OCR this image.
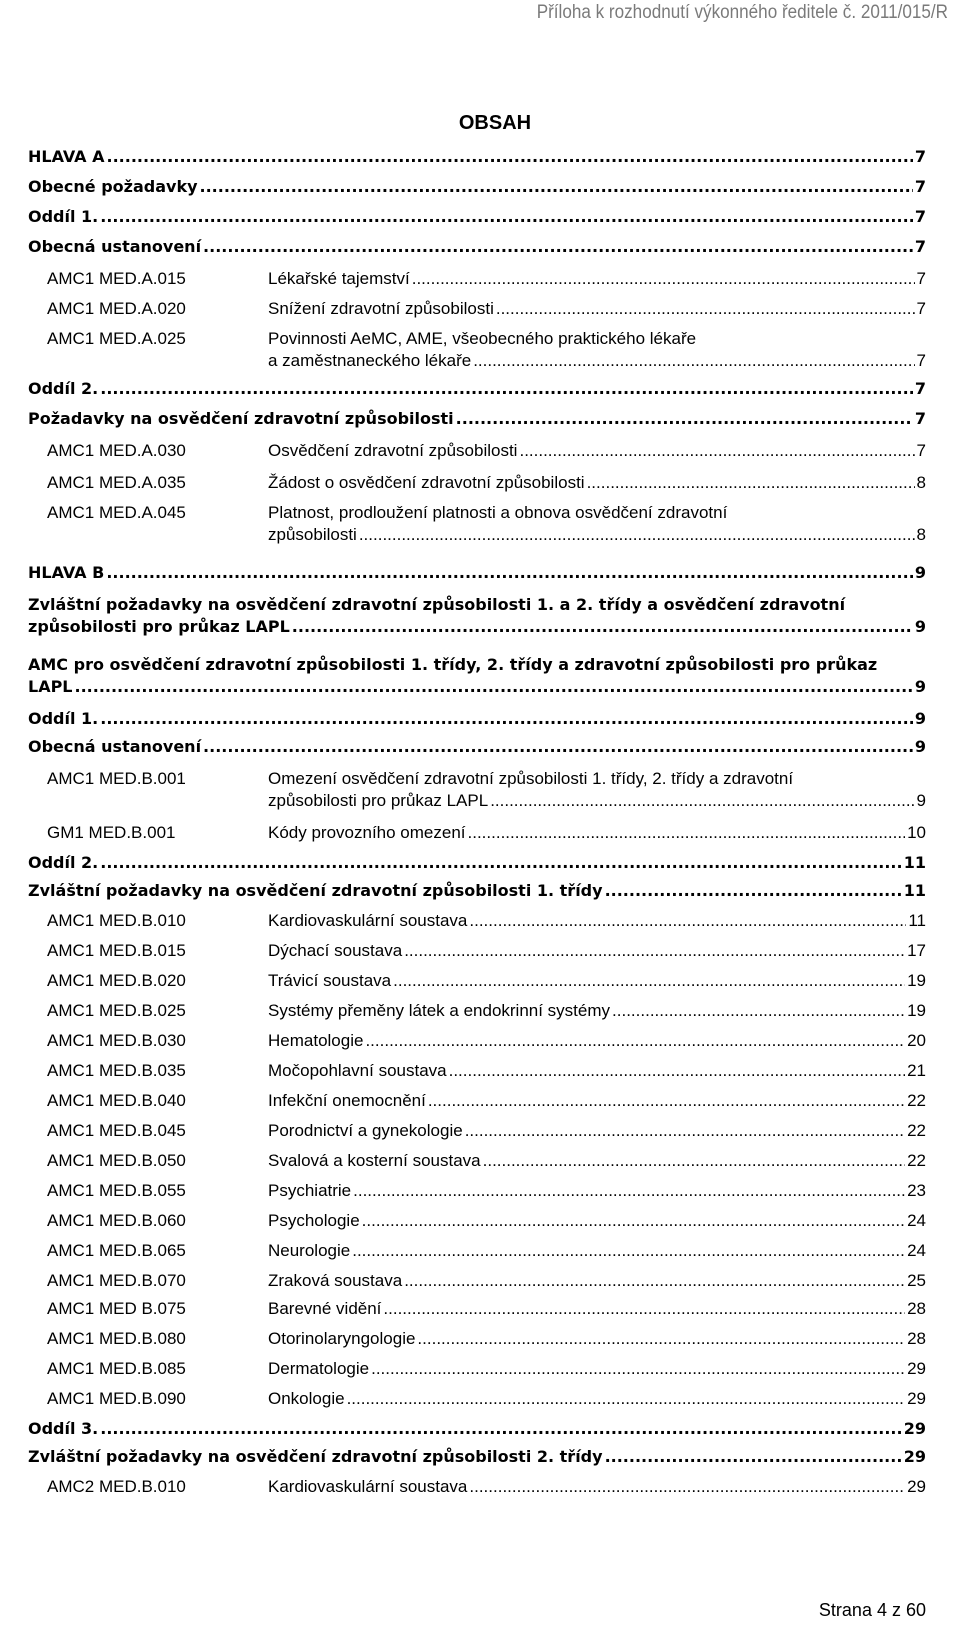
Příloha k rozhodnutí výkonného ředitele č. 2011/015/R
OBSAH
HLAVA A .....	7
Obecné požadavky .....	7
Oddíl 1. .....	7
Obecná ustanovení .....	7
AMC1 MED.A.015	Lékařské tajemství .....	7
AMC1 MED.A.020	Snížení zdravotní způsobilosti .....	7
AMC1 MED.A.025	Povinnosti AeMC, AME, všeobecného praktického lékaře
a zaměstnaneckého lékaře .....	7
Oddíl 2. .....	7
Požadavky na osvědčení zdravotní způsobilosti .....	7
AMC1 MED.A.030	Osvědčení zdravotní způsobilosti .....	7
AMC1 MED.A.035	Žádost o osvědčení zdravotní způsobilosti .....	8
AMC1 MED.A.045	Platnost, prodloužení platnosti a obnova osvědčení zdravotní
způsobilosti .....	8
HLAVA B .....	9
Zvláštní požadavky na osvědčení zdravotní způsobilosti 1. a 2. třídy a osvědčení zdravotní
způsobilosti pro průkaz LAPL .....	9
AMC pro osvědčení zdravotní způsobilosti 1. třídy, 2. třídy a zdravotní způsobilosti pro průkaz
LAPL .....	9
Oddíl 1. .....	9
Obecná ustanovení .....	9
AMC1 MED.B.001	Omezení osvědčení zdravotní způsobilosti 1. třídy, 2. třídy a zdravotní
způsobilosti pro průkaz LAPL .....	9
GM1 MED.B.001	Kódy provozního omezení .....	10
Oddíl 2. .....	11
Zvláštní požadavky na osvědčení zdravotní způsobilosti 1. třídy .....	11
AMC1 MED.B.010	Kardiovaskulární soustava .....	11
AMC1 MED.B.015	Dýchací soustava .....	17
AMC1 MED.B.020	Trávicí soustava .....	19
AMC1 MED.B.025	Systémy přeměny látek a endokrinní systémy .....	19
AMC1 MED.B.030	Hematologie .....	20
AMC1 MED.B.035	Močopohlavní soustava .....	21
AMC1 MED.B.040	Infekční onemocnění .....	22
AMC1 MED.B.045	Porodnictví a gynekologie .....	22
AMC1 MED.B.050	Svalová a kosterní soustava .....	22
AMC1 MED.B.055	Psychiatrie .....	23
AMC1 MED.B.060	Psychologie .....	24
AMC1 MED.B.065	Neurologie .....	24
AMC1 MED.B.070	Zraková soustava .....	25
AMC1 MED B.075	Barevné vidění .....	28
AMC1 MED.B.080	Otorinolaryngologie .....	28
AMC1 MED.B.085	Dermatologie .....	29
AMC1 MED.B.090	Onkologie .....	29
Oddíl 3. .....	29
Zvláštní požadavky na osvědčení zdravotní způsobilosti 2. třídy .....	29
AMC2 MED.B.010	Kardiovaskulární soustava .....	29
Strana 4 z 60
